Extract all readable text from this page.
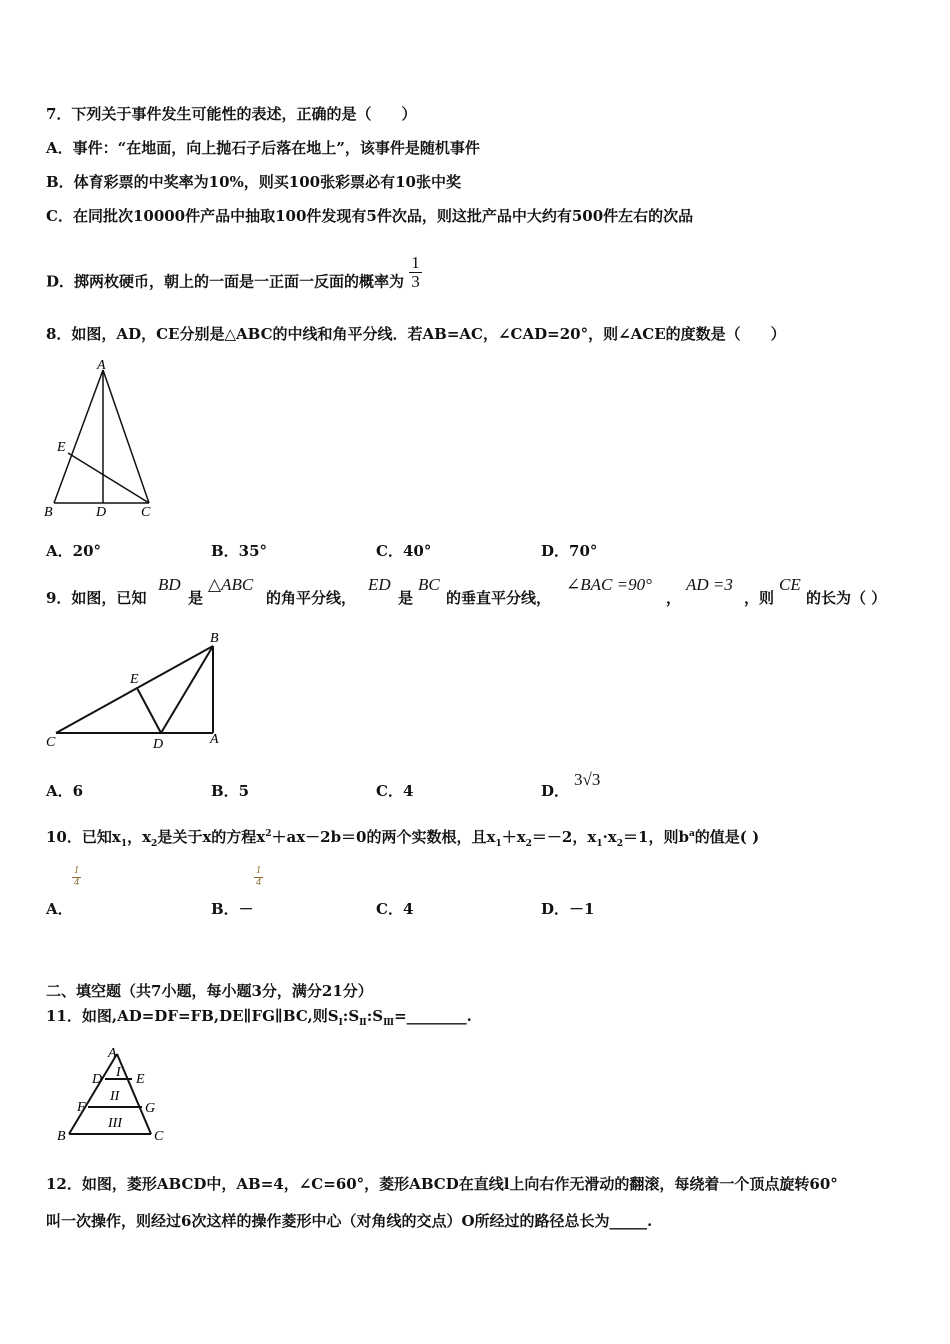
7．下列关于事件发生可能性的表述，正确的是（　　）
A．事件：“在地面，向上抛石子后落在地上”，该事件是随机事件
B．体育彩票的中奖率为10%，则买100张彩票必有10张中奖
C．在同批次10000件产品中抽取100件发现有5件次品，则这批产品中大约有500件左右的次品
D．掷两枚硬币，朝上的一面是一正面一反面的概率为 $\frac{1}{3}$
8．如图，AD，CE分别是△ABC的中线和角平分线．若AB=AC，∠CAD=20°，则∠ACE的度数是（　　）
A
B	D C
E
A．20°	B．35°	C．40°	D．70°
9．如图，已知
BD
是
△ABC
的角平分线，
ED
是
BC
的垂直平分线，
∠BAC =90°
，
AD =3
，则
CE
的长为（ ）
B
E
C	D	A
A．6	B．5	C．4	D．
3√3
10．已知$x_1$，$x_2$是关于x的方程$x^2+ax-2b=0$的两个实数根，且$x_1+x_2=-2$，$x_1\cdot x_2=1$，则$b^a$的值是( )
$\frac{1}{4}$	$\frac{1}{4}$
A．	B．－	C．4	D．－1
二、填空题（共7小题，每小题3分，满分21分）
11．如图,AD=DF=FB,DE∥FG∥BC,则$S_Ⅰ:S_Ⅱ:S_Ⅲ=\_\_\_\_\_\_\_\_$.
A
D E
F	G
B	C
I
II
III
12．如图，菱形ABCD中，AB=4，∠C=60°，菱形ABCD在直线l上向右作无滑动的翻滚，每绕着一个顶点旋转60°
叫一次操作，则经过6次这样的操作菱形中心（对角线的交点）O所经过的路径总长为_____.
